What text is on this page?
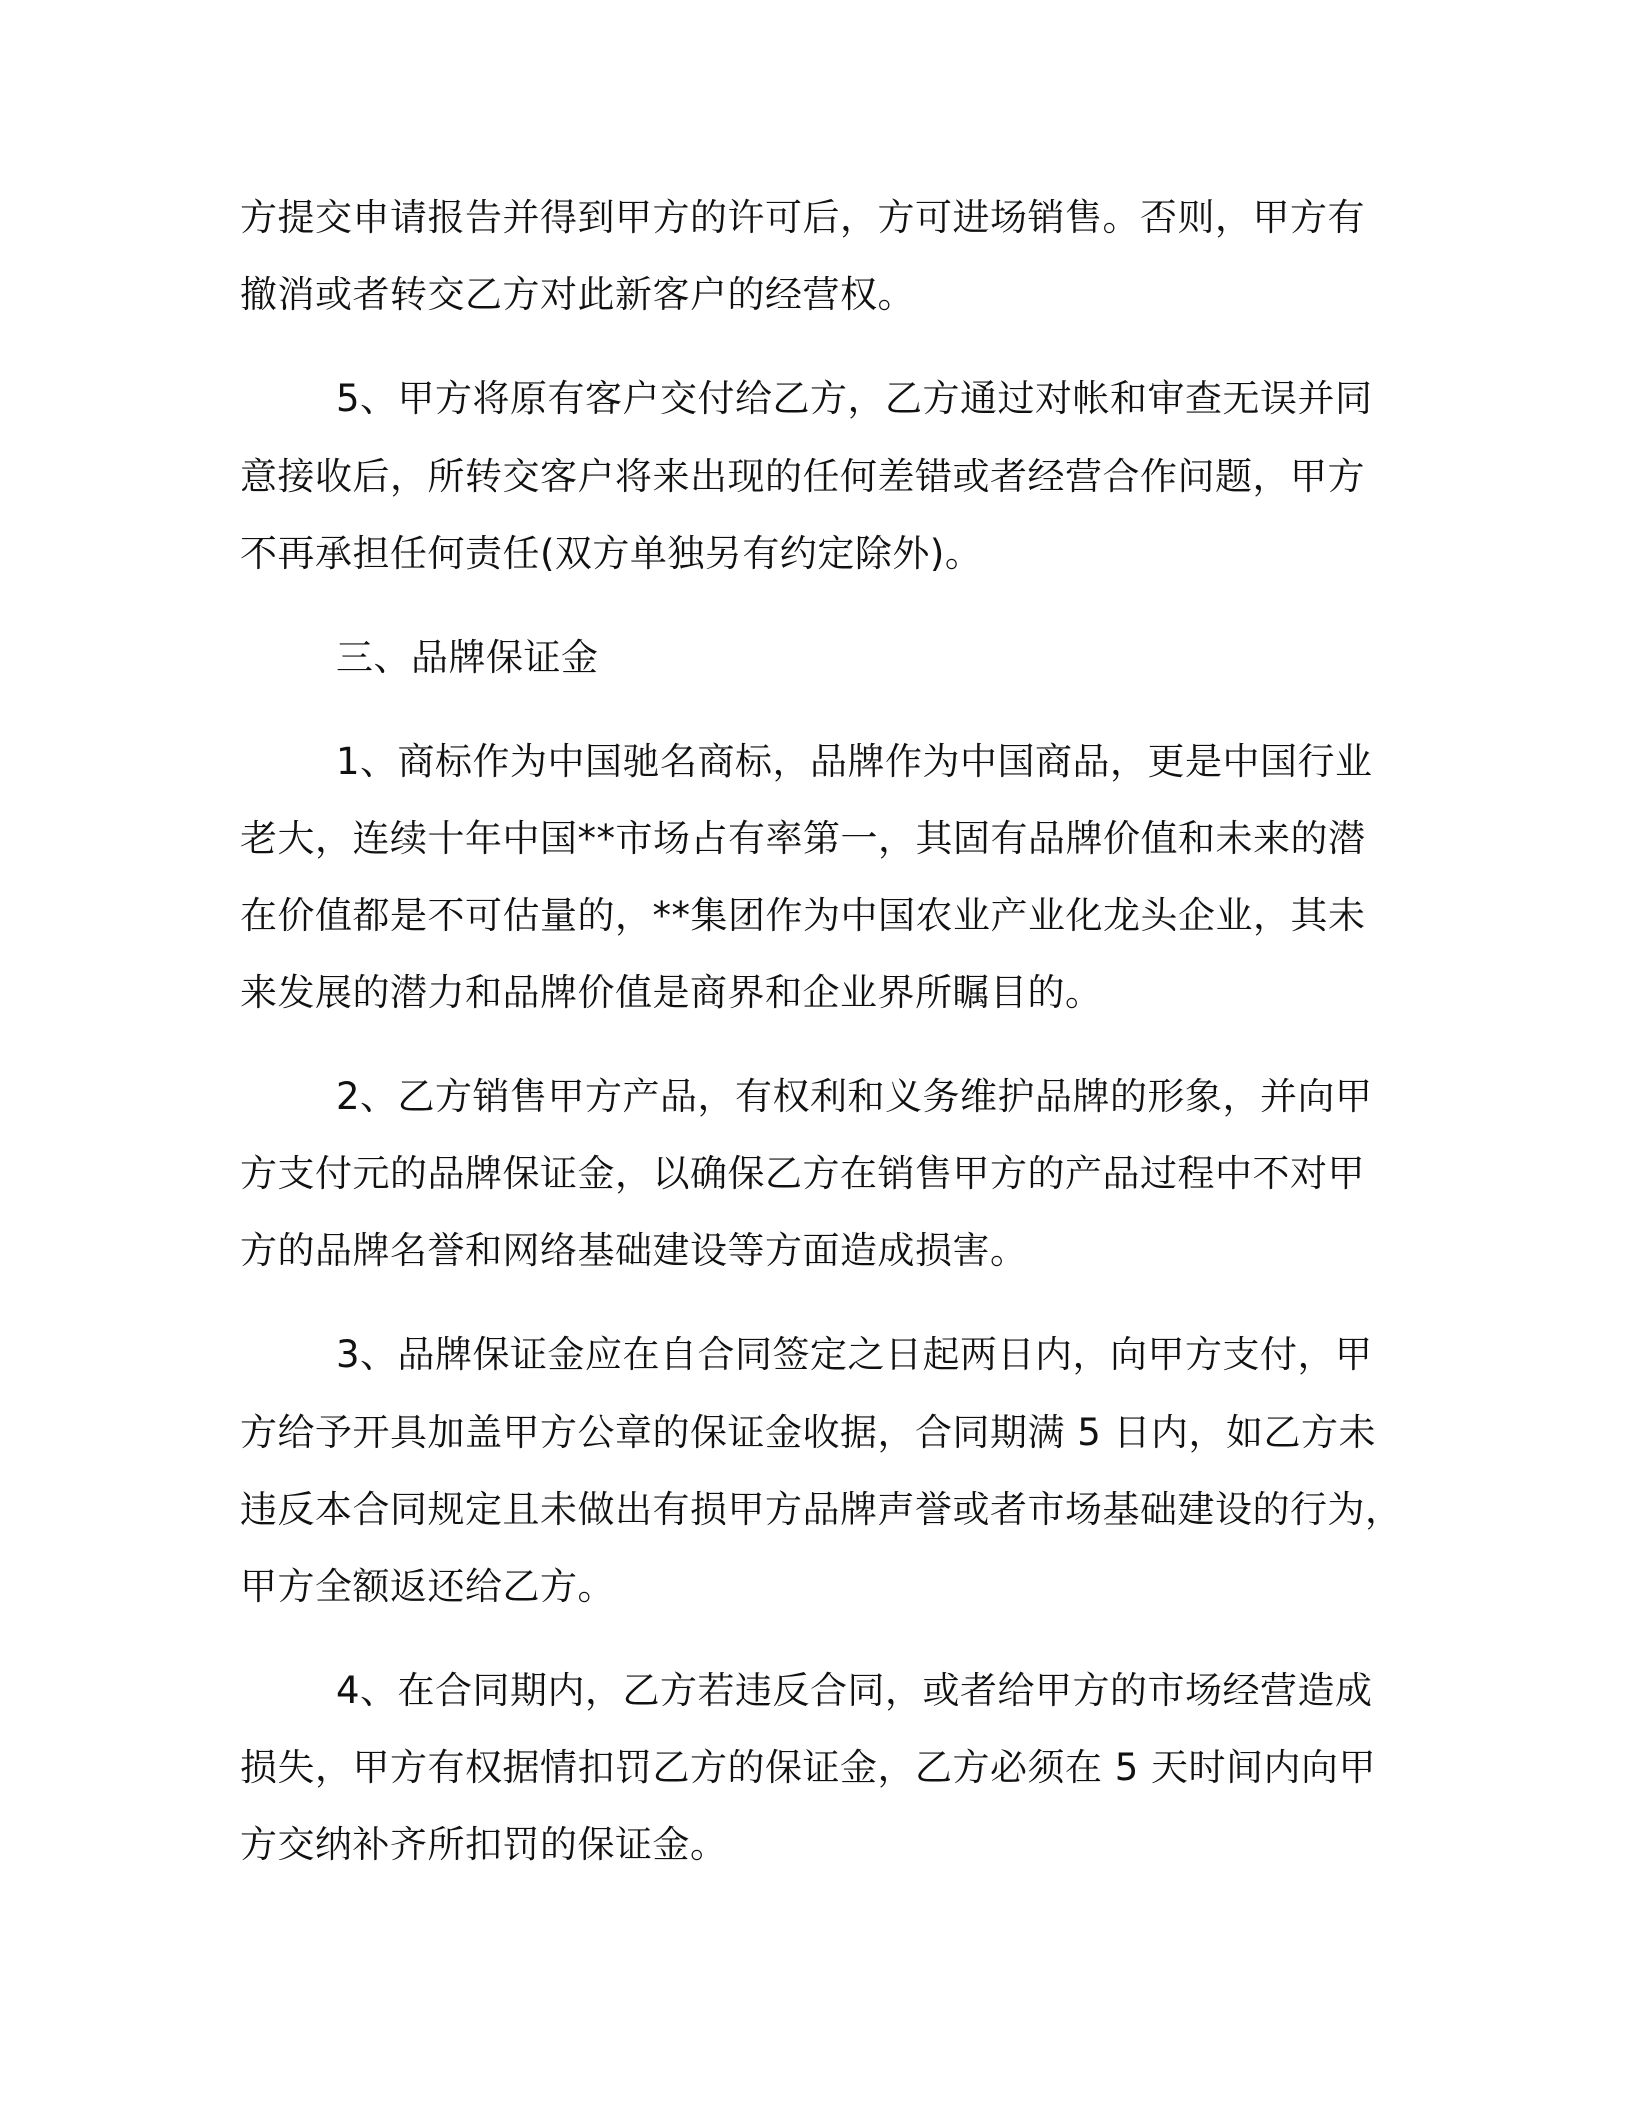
方提交申请报告并得到甲方的许可后，方可进场销售。否则，甲方有

撤消或者转交乙方对此新客户的经营权。

5、甲方将原有客户交付给乙方，乙方通过对帐和审查无误并同

意接收后，所转交客户将来出现的任何差错或者经营合作问题，甲方

不再承担任何责任(双方单独另有约定除外)。

三、品牌保证金

1、商标作为中国驰名商标，品牌作为中国商品，更是中国行业

老大，连续十年中国**市场占有率第一，其固有品牌价值和未来的潜

在价值都是不可估量的，**集团作为中国农业产业化龙头企业，其未

来发展的潜力和品牌价值是商界和企业界所瞩目的。

2、乙方销售甲方产品，有权利和义务维护品牌的形象，并向甲

方支付元的品牌保证金，以确保乙方在销售甲方的产品过程中不对甲

方的品牌名誉和网络基础建设等方面造成损害。

3、品牌保证金应在自合同签定之日起两日内，向甲方支付，甲

方给予开具加盖甲方公章的保证金收据，合同期满 5 日内，如乙方未

违反本合同规定且未做出有损甲方品牌声誉或者市场基础建设的行为，

甲方全额返还给乙方。

4、在合同期内，乙方若违反合同，或者给甲方的市场经营造成

损失，甲方有权据情扣罚乙方的保证金，乙方必须在 5 天时间内向甲

方交纳补齐所扣罚的保证金。
